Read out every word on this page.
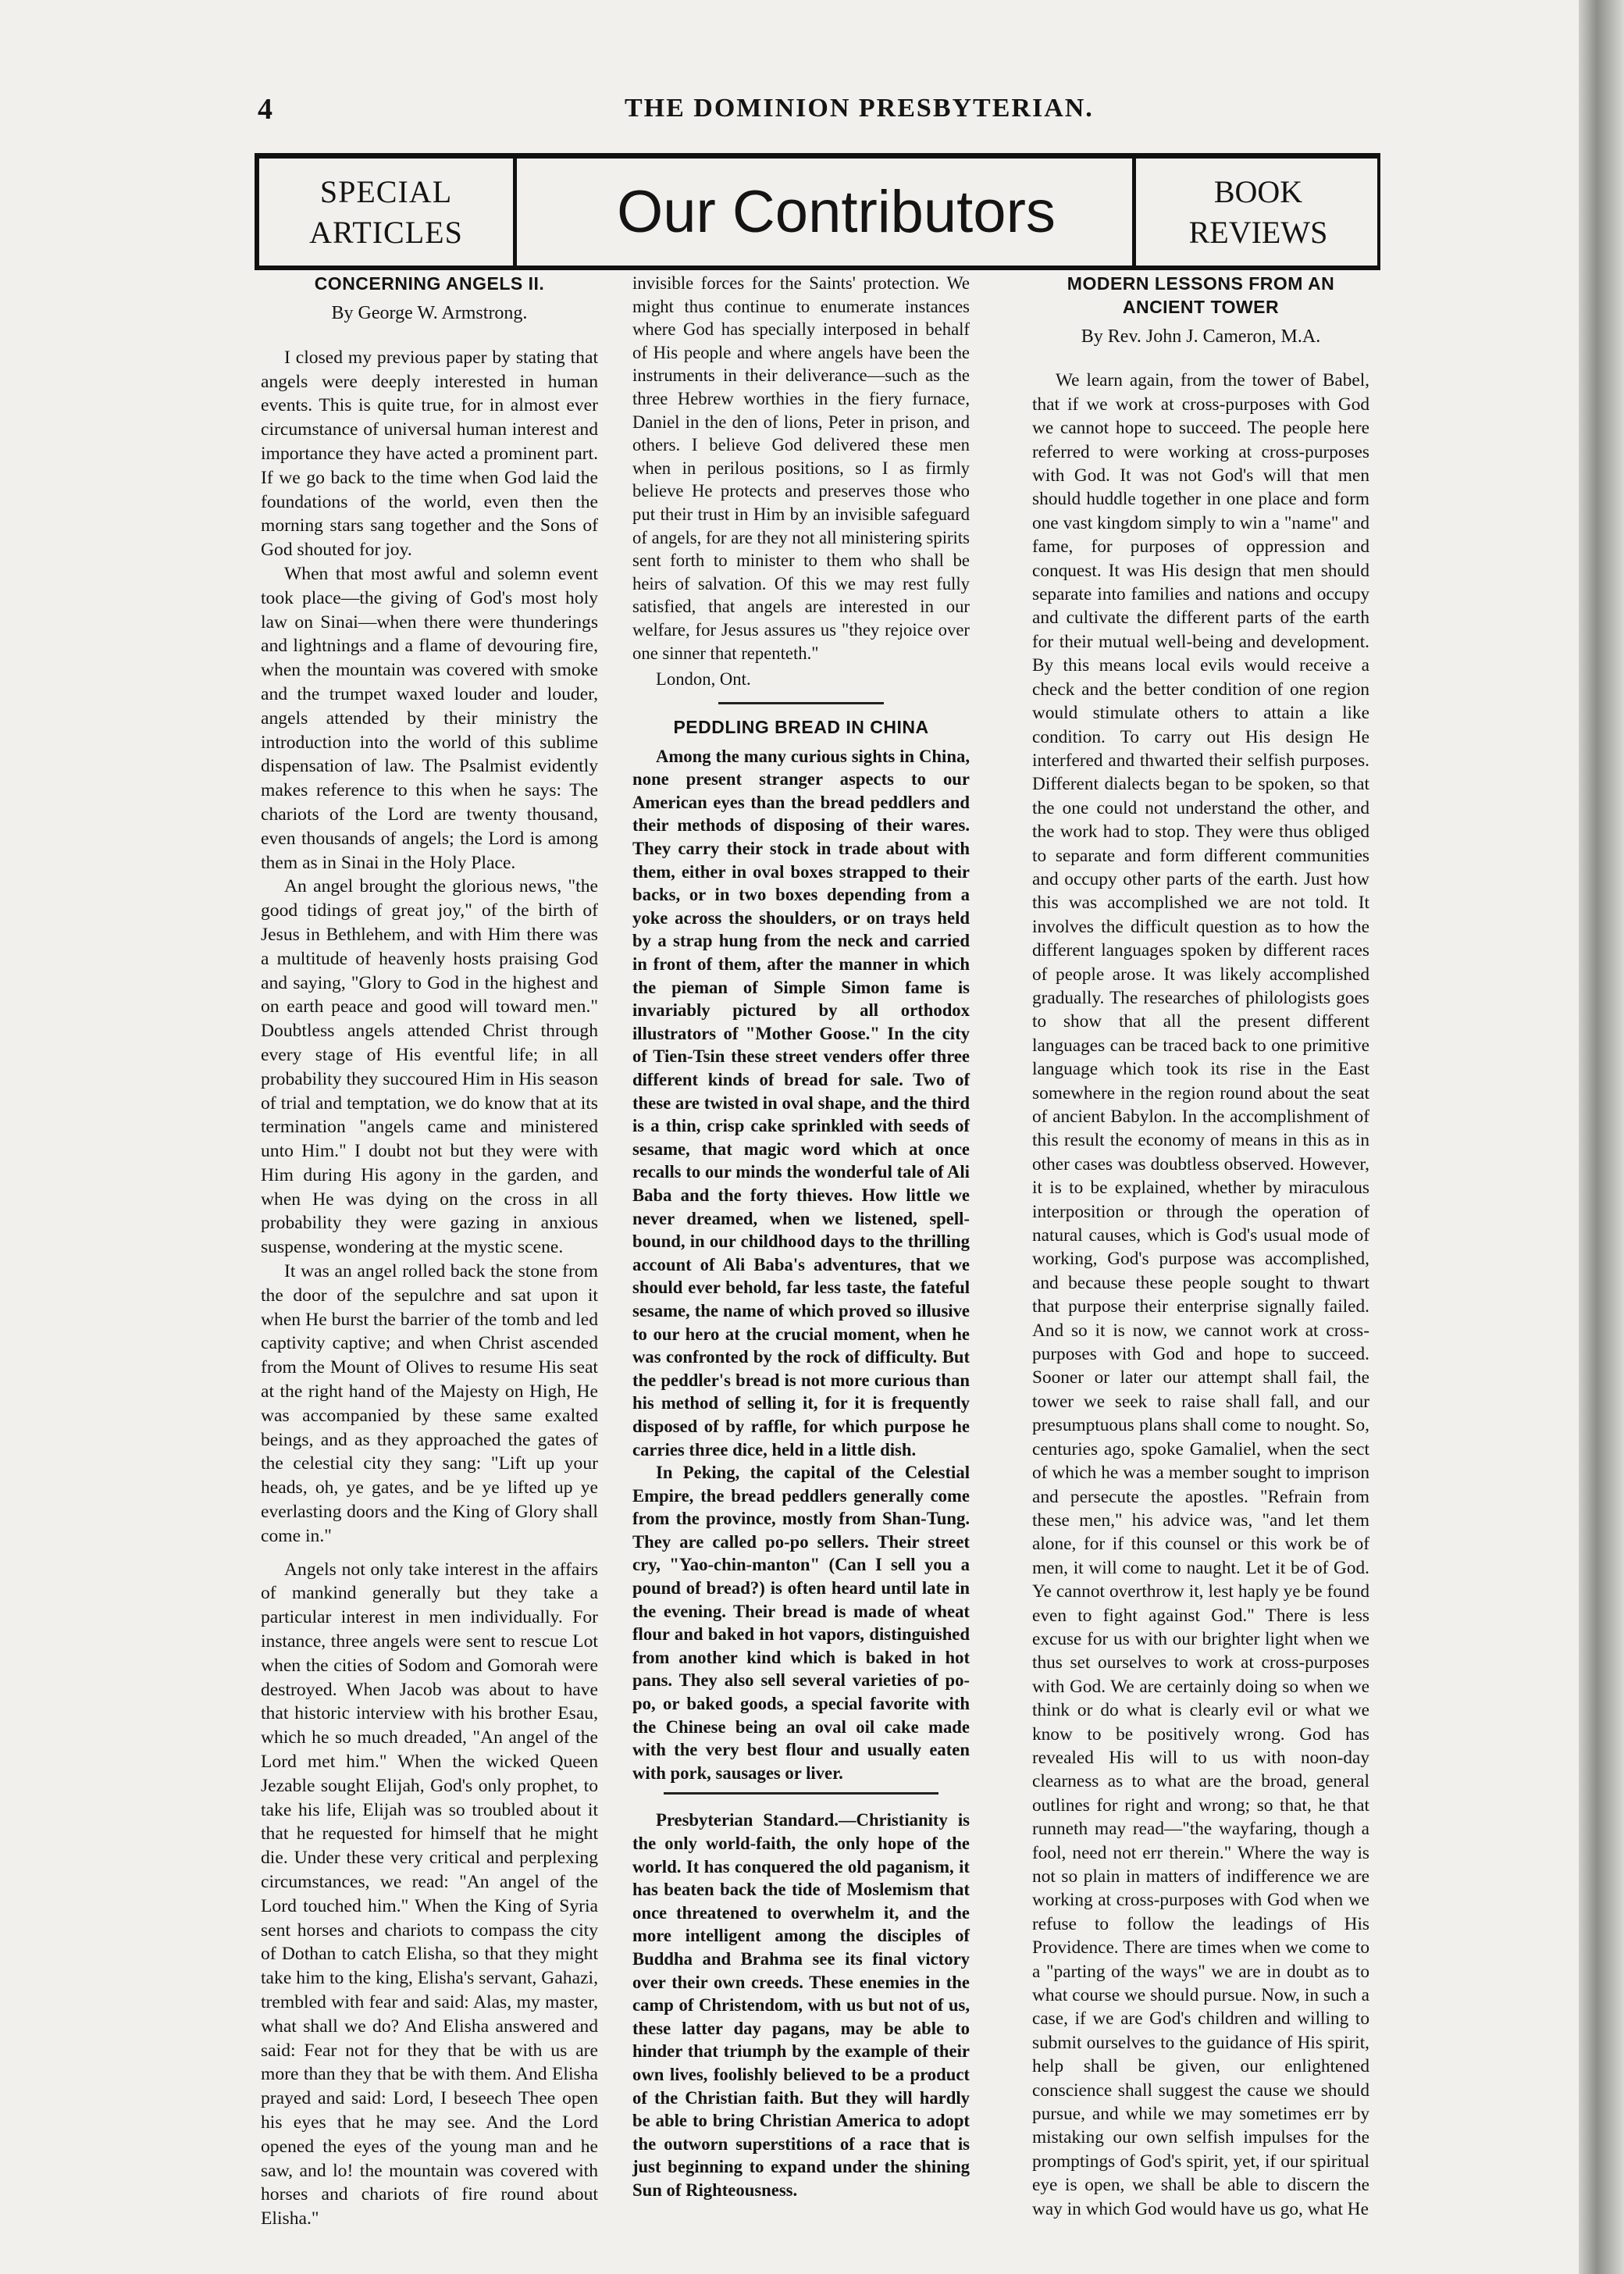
4	THE DOMINION PRESBYTERIAN.
SPECIAL
ARTICLES	Our Contributors	BOOK
REVIEWS
CONCERNING ANGELS II.
By George W. Armstrong.

I closed my previous paper by stating that angels were deeply interested in human events. This is quite true, for in almost ever circumstance of universal human interest and importance they have acted a prominent part. If we go back to the time when God laid the foundations of the world, even then the morning stars sang together and the Sons of God shouted for joy.

When that most awful and solemn event took place—the giving of God's most holy law on Sinai—when there were thunderings and lightnings and a flame of devouring fire, when the mountain was covered with smoke and the trumpet waxed louder and louder, angels attended by their ministry the introduction into the world of this sublime dispensation of law. The Psalmist evidently makes reference to this when he says: The chariots of the Lord are twenty thousand, even thousands of angels; the Lord is among them as in Sinai in the Holy Place.

An angel brought the glorious news, "the good tidings of great joy," of the birth of Jesus in Bethlehem, and with Him there was a multitude of heavenly hosts praising God and saying, "Glory to God in the highest and on earth peace and good will toward men." Doubtless angels attended Christ through every stage of His eventful life; in all probability they succoured Him in His season of trial and temptation, we do know that at its termination "angels came and ministered unto Him." I doubt not but they were with Him during His agony in the garden, and when He was dying on the cross in all probability they were gazing in anxious suspense, wondering at the mystic scene.

It was an angel rolled back the stone from the door of the sepulchre and sat upon it when He burst the barrier of the tomb and led captivity captive; and when Christ ascended from the Mount of Olives to resume His seat at the right hand of the Majesty on High, He was accompanied by these same exalted beings, and as they approached the gates of the celestial city they sang: "Lift up your heads, oh, ye gates, and be ye lifted up ye everlasting doors and the King of Glory shall come in."

Angels not only take interest in the affairs of mankind generally but they take a particular interest in men individually. For instance, three angels were sent to rescue Lot when the cities of Sodom and Gomorah were destroyed. When Jacob was about to have that historic interview with his brother Esau, which he so much dreaded, "An angel of the Lord met him." When the wicked Queen Jezable sought Elijah, God's only prophet, to take his life, Elijah was so troubled about it that he requested for himself that he might die. Under these very critical and perplexing circumstances, we read: "An angel of the Lord touched him." When the King of Syria sent horses and chariots to compass the city of Dothan to catch Elisha, so that they might take him to the king, Elisha's servant, Gahazi, trembled with fear and said: Alas, my master, what shall we do? And Elisha answered and said: Fear not for they that be with us are more than they that be with them. And Elisha prayed and said: Lord, I beseech Thee open his eyes that he may see. And the Lord opened the eyes of the young man and he saw, and lo! the mountain was covered with horses and chariots of fire round about Elisha."

invisible forces for the Saints' protection. We might thus continue to enumerate instances where God has specially interposed in behalf of His people and where angels have been the instruments in their deliverance—such as the three Hebrew worthies in the fiery furnace, Daniel in the den of lions, Peter in prison, and others. I believe God delivered these men when in perilous positions, so I as firmly believe He protects and preserves those who put their trust in Him by an invisible safeguard of angels, for are they not all ministering spirits sent forth to minister to them who shall be heirs of salvation. Of this we may rest fully satisfied, that angels are interested in our welfare, for Jesus assures us "they rejoice over one sinner that repenteth."

London, Ont.

PEDDLING BREAD IN CHINA

Among the many curious sights in China, none present stranger aspects to our American eyes than the bread peddlers and their methods of disposing of their wares. They carry their stock in trade about with them, either in oval boxes strapped to their backs, or in two boxes depending from a yoke across the shoulders, or on trays held by a strap hung from the neck and carried in front of them, after the manner in which the pieman of Simple Simon fame is invariably pictured by all orthodox illustrators of "Mother Goose." In the city of Tien-Tsin these street venders offer three different kinds of bread for sale. Two of these are twisted in oval shape, and the third is a thin, crisp cake sprinkled with seeds of sesame, that magic word which at once recalls to our minds the wonderful tale of Ali Baba and the forty thieves. How little we never dreamed, when we listened, spell-bound, in our childhood days to the thrilling account of Ali Baba's adventures, that we should ever behold, far less taste, the fateful sesame, the name of which proved so illusive to our hero at the crucial moment, when he was confronted by the rock of difficulty. But the peddler's bread is not more curious than his method of selling it, for it is frequently disposed of by raffle, for which purpose he carries three dice, held in a little dish.

In Peking, the capital of the Celestial Empire, the bread peddlers generally come from the province, mostly from Shan-Tung. They are called po-po sellers. Their street cry, "Yao-chin-manton" (Can I sell you a pound of bread?) is often heard until late in the evening. Their bread is made of wheat flour and baked in hot vapors, distinguished from another kind which is baked in hot pans. They also sell several varieties of po-po, or baked goods, a special favorite with the Chinese being an oval oil cake made with the very best flour and usually eaten with pork, sausages or liver.

Presbyterian Standard.—Christianity is the only world-faith, the only hope of the world. It has conquered the old paganism, it has beaten back the tide of Moslemism that once threatened to overwhelm it, and the more intelligent among the disciples of Buddha and Brahma see its final victory over their own creeds. These enemies in the camp of Christendom, with us but not of us, these latter day pagans, may be able to hinder that triumph by the example of their own lives, foolishly believed to be a product of the Christian faith. But they will hardly be able to bring Christian America to adopt the outworn superstitions of a race that is just beginning to expand under the shining Sun of Righteousness.

MODERN LESSONS FROM AN ANCIENT TOWER
By Rev. John J. Cameron, M.A.

We learn again, from the tower of Babel, that if we work at cross-purposes with God we cannot hope to succeed. The people here referred to were working at cross-purposes with God. It was not God's will that men should huddle together in one place and form one vast kingdom simply to win a "name" and fame, for purposes of oppression and conquest. It was His design that men should separate into families and nations and occupy and cultivate the different parts of the earth for their mutual well-being and development. By this means local evils would receive a check and the better condition of one region would stimulate others to attain a like condition. To carry out His design He interfered and thwarted their selfish purposes. Different dialects began to be spoken, so that the one could not understand the other, and the work had to stop. They were thus obliged to separate and form different communities and occupy other parts of the earth. Just how this was accomplished we are not told. It involves the difficult question as to how the different languages spoken by different races of people arose. It was likely accomplished gradually. The researches of philologists goes to show that all the present different languages can be traced back to one primitive language which took its rise in the East somewhere in the region round about the seat of ancient Babylon. In the accomplishment of this result the economy of means in this as in other cases was doubtless observed. However, it is to be explained, whether by miraculous interposition or through the operation of natural causes, which is God's usual mode of working, God's purpose was accomplished, and because these people sought to thwart that purpose their enterprise signally failed. And so it is now, we cannot work at cross-purposes with God and hope to succeed. Sooner or later our attempt shall fail, the tower we seek to raise shall fall, and our presumptuous plans shall come to nought. So, centuries ago, spoke Gamaliel, when the sect of which he was a member sought to imprison and persecute the apostles. "Refrain from these men," his advice was, "and let them alone, for if this counsel or this work be of men, it will come to naught. Let it be of God. Ye cannot overthrow it, lest haply ye be found even to fight against God." There is less excuse for us with our brighter light when we thus set ourselves to work at cross-purposes with God. We are certainly doing so when we think or do what is clearly evil or what we know to be positively wrong. God has revealed His will to us with noon-day clearness as to what are the broad, general outlines for right and wrong; so that, he that runneth may read—"the wayfaring, though a fool, need not err therein." Where the way is not so plain in matters of indifference we are working at cross-purposes with God when we refuse to follow the leadings of His Providence. There are times when we come to a "parting of the ways" we are in doubt as to what course we should pursue. Now, in such a case, if we are God's children and willing to submit ourselves to the guidance of His spirit, help shall be given, our enlightened conscience shall suggest the cause we should pursue, and while we may sometimes err by mistaking our own selfish impulses for the promptings of God's spirit, yet, if our spiritual eye is open, we shall be able to discern the way in which God would have us go, what He
